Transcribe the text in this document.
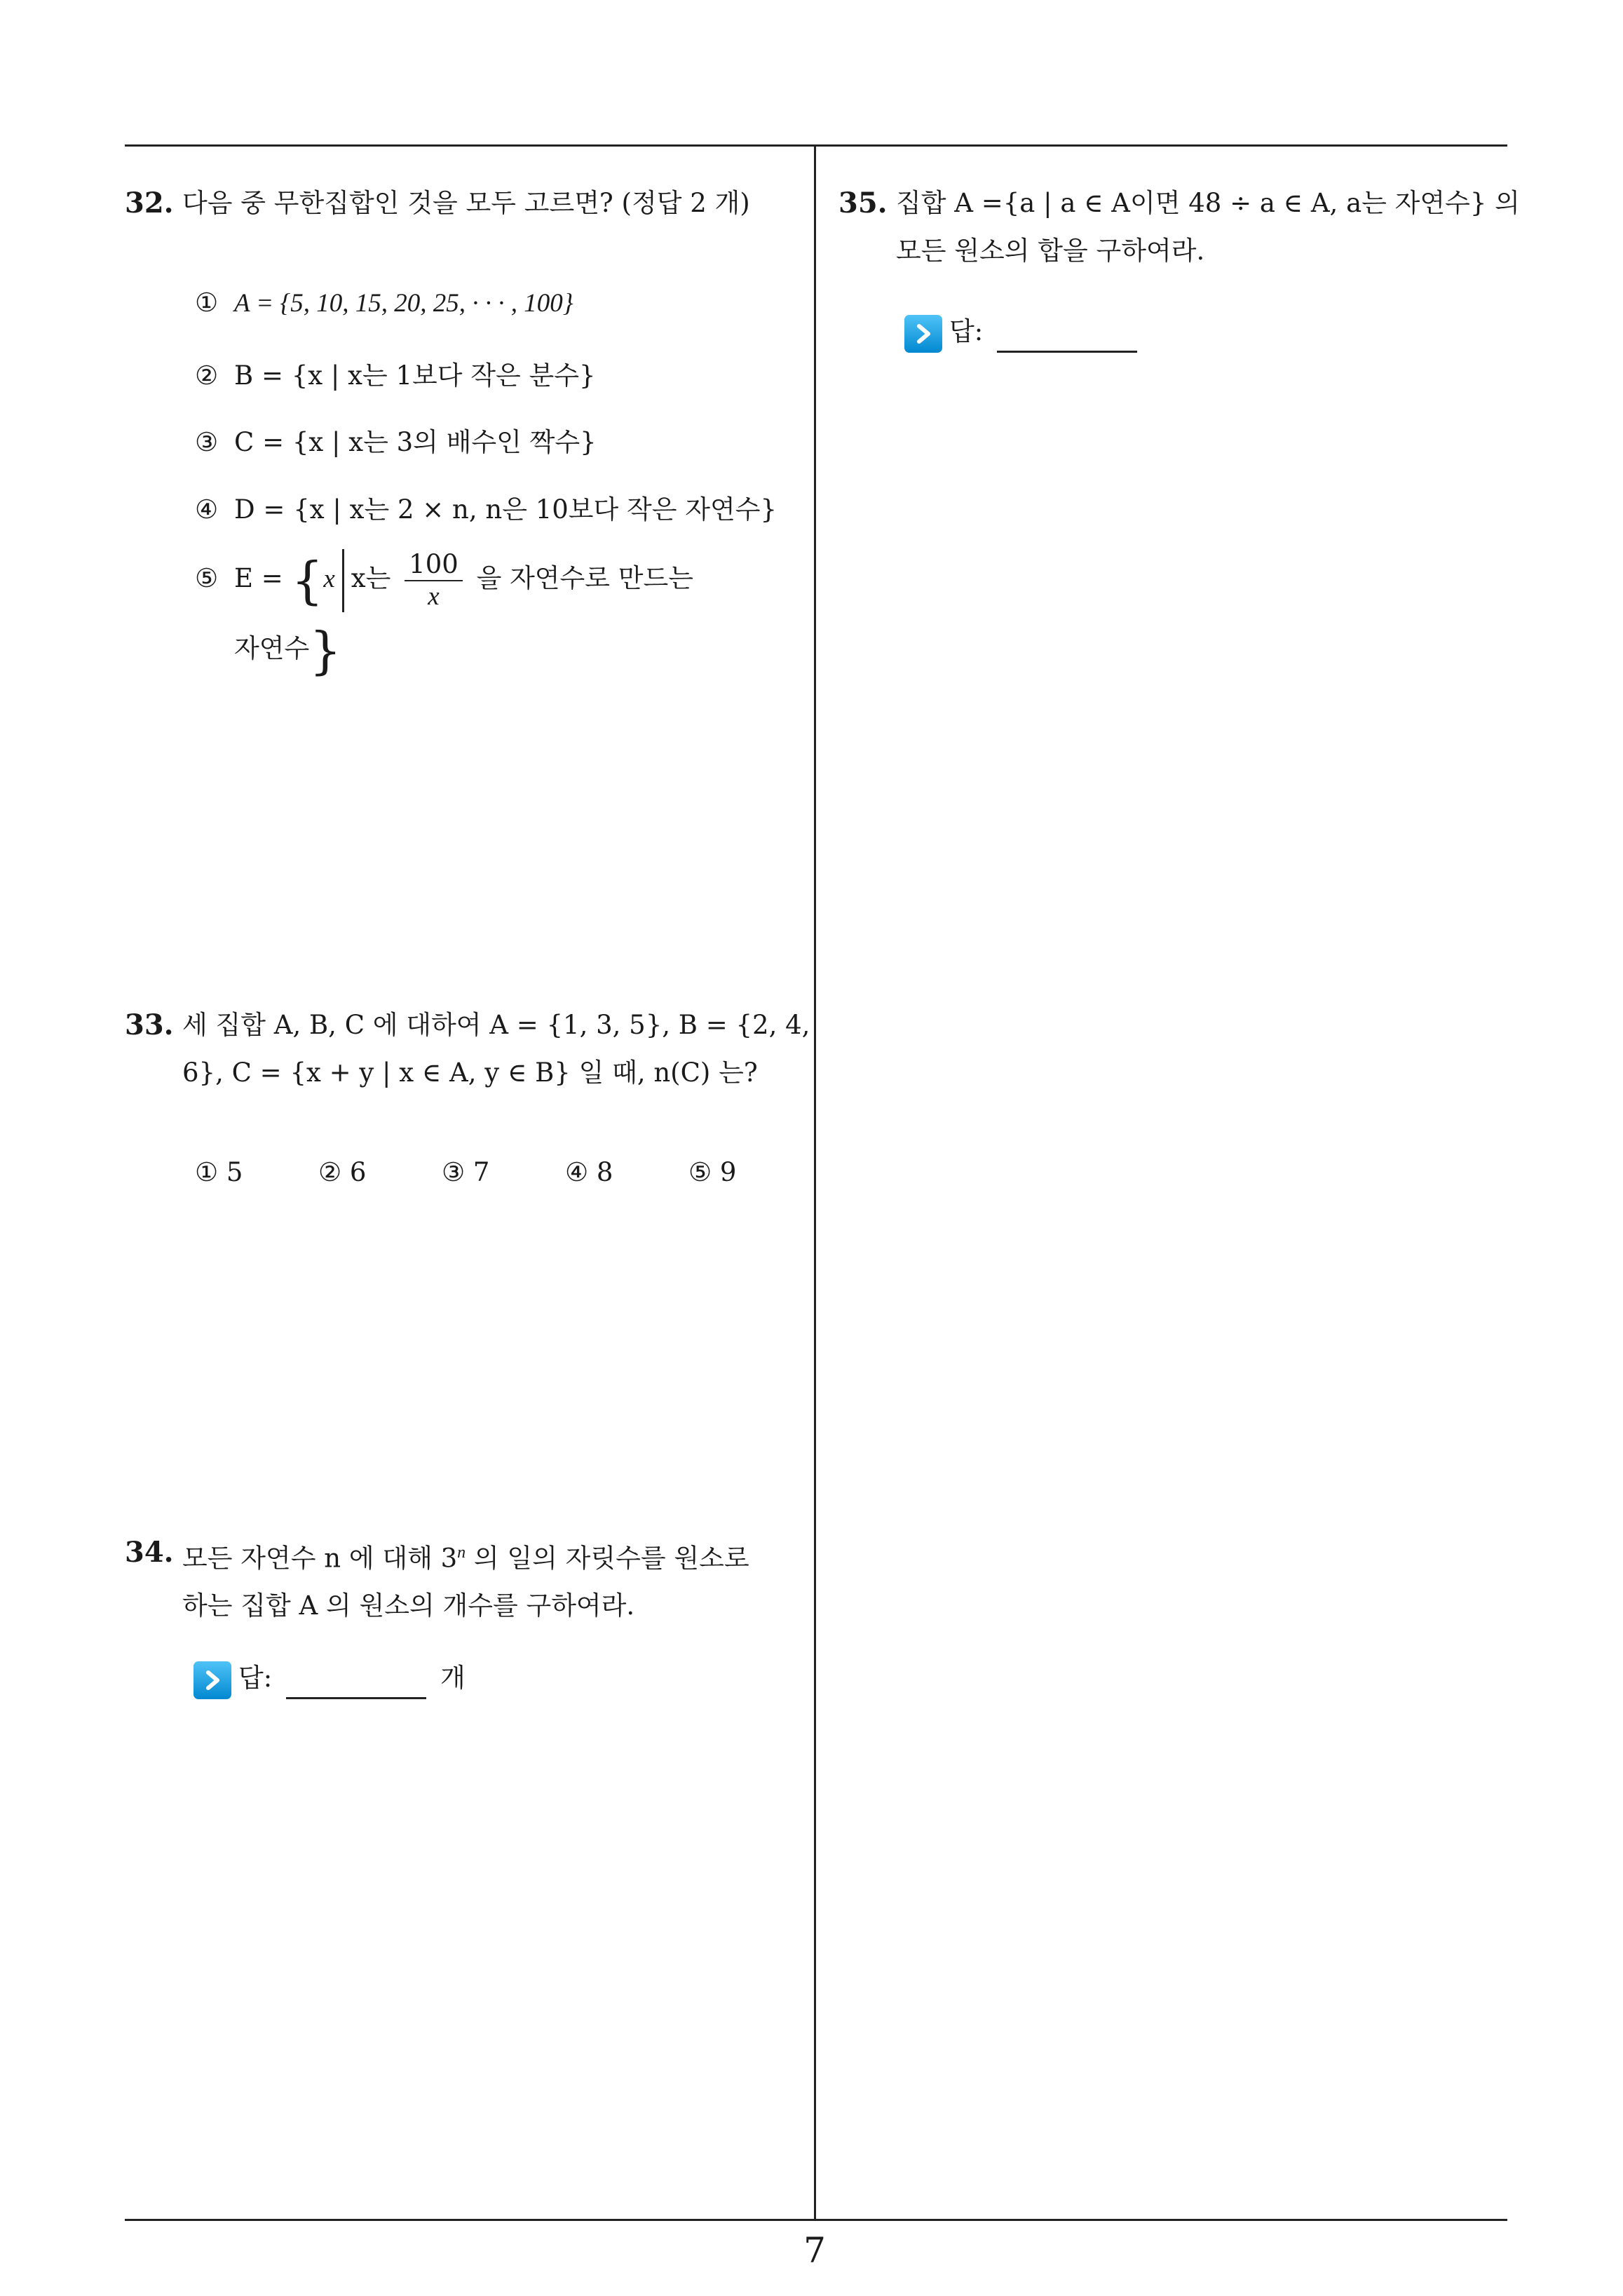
32. 다음 중 무한집합인 것을 모두 고르면? (정답 2 개)
① A = {5, 10, 15, 20, 25, · · · , 100}
② B = {x | x는 1보다 작은 분수}
③ C = {x | x는 3의 배수인 짝수}
④ D = {x | x는 2 × n, n은 10보다 작은 자연수}
⑤ E = {x x는 $\frac{100}{x}$ 을 자연수로 만드는
자연수}
33. 세 집합 A, B, C 에 대하여 A = {1, 3, 5}, B = {2, 4,
6}, C = {x + y | x ∈ A, y ∈ B} 일 때, n(C) 는?
① 5	② 6	③ 7	④ 8	⑤ 9
34. 모든 자연수 n 에 대해 3$^n$ 의 일의 자릿수를 원소로
하는 집합 A 의 원소의 개수를 구하여라.
답:	개
35. 집합 A ={a | a ∈ A이면 48 ÷ a ∈ A, a는 자연수} 의
모든 원소의 합을 구하여라.
답:
7
